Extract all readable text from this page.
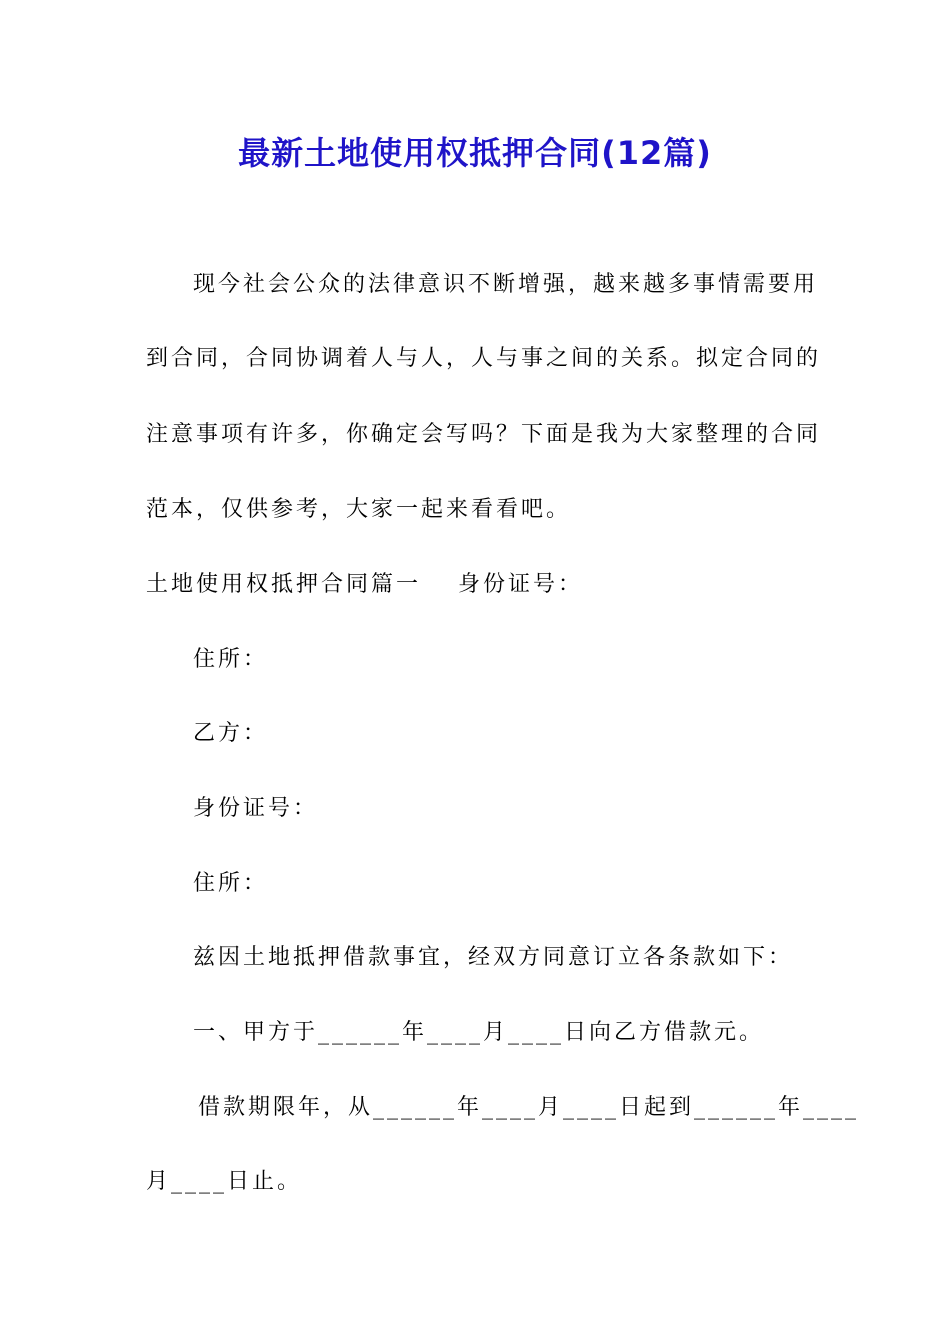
最新土地使用权抵押合同(12篇)
现今社会公众的法律意识不断增强，越来越多事情需要用
到合同，合同协调着人与人，人与事之间的关系。拟定合同的
注意事项有许多，你确定会写吗？下面是我为大家整理的合同
范本，仅供参考，大家一起来看看吧。
土地使用权抵押合同篇一 身份证号：
住所：
乙方：
身份证号：
住所：
兹因土地抵押借款事宜，经双方同意订立各条款如下：
一、甲方于______年____月____日向乙方借款元。
借款期限年，从______年____月____日起到______年____
月____日止。
